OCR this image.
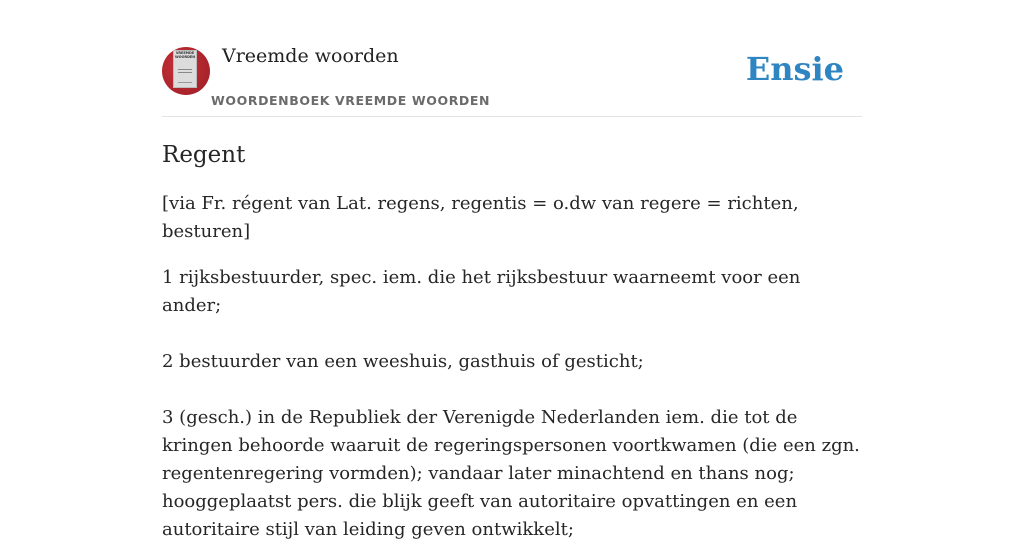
VREEMDE WOORDEN Vreemde woorden
WOORDENBOEK VREEMDE WOORDEN
Ensie
Regent

[via Fr. régent van Lat. regens, regentis = o.dw van regere = richten, besturen]

1 rijksbestuurder, spec. iem. die het rijksbestuur waarneemt voor een ander;

2 bestuurder van een weeshuis, gasthuis of gesticht;

3 (gesch.) in de Republiek der Verenigde Nederlanden iem. die tot de kringen behoorde waaruit de regeringspersonen voortkwamen (die een zgn. regentenregering vormden); vandaar later minachtend en thans nog; hooggeplaatst pers. die blijk geeft van autoritaire opvattingen en een autoritaire stijl van leiding geven ontwikkelt;
